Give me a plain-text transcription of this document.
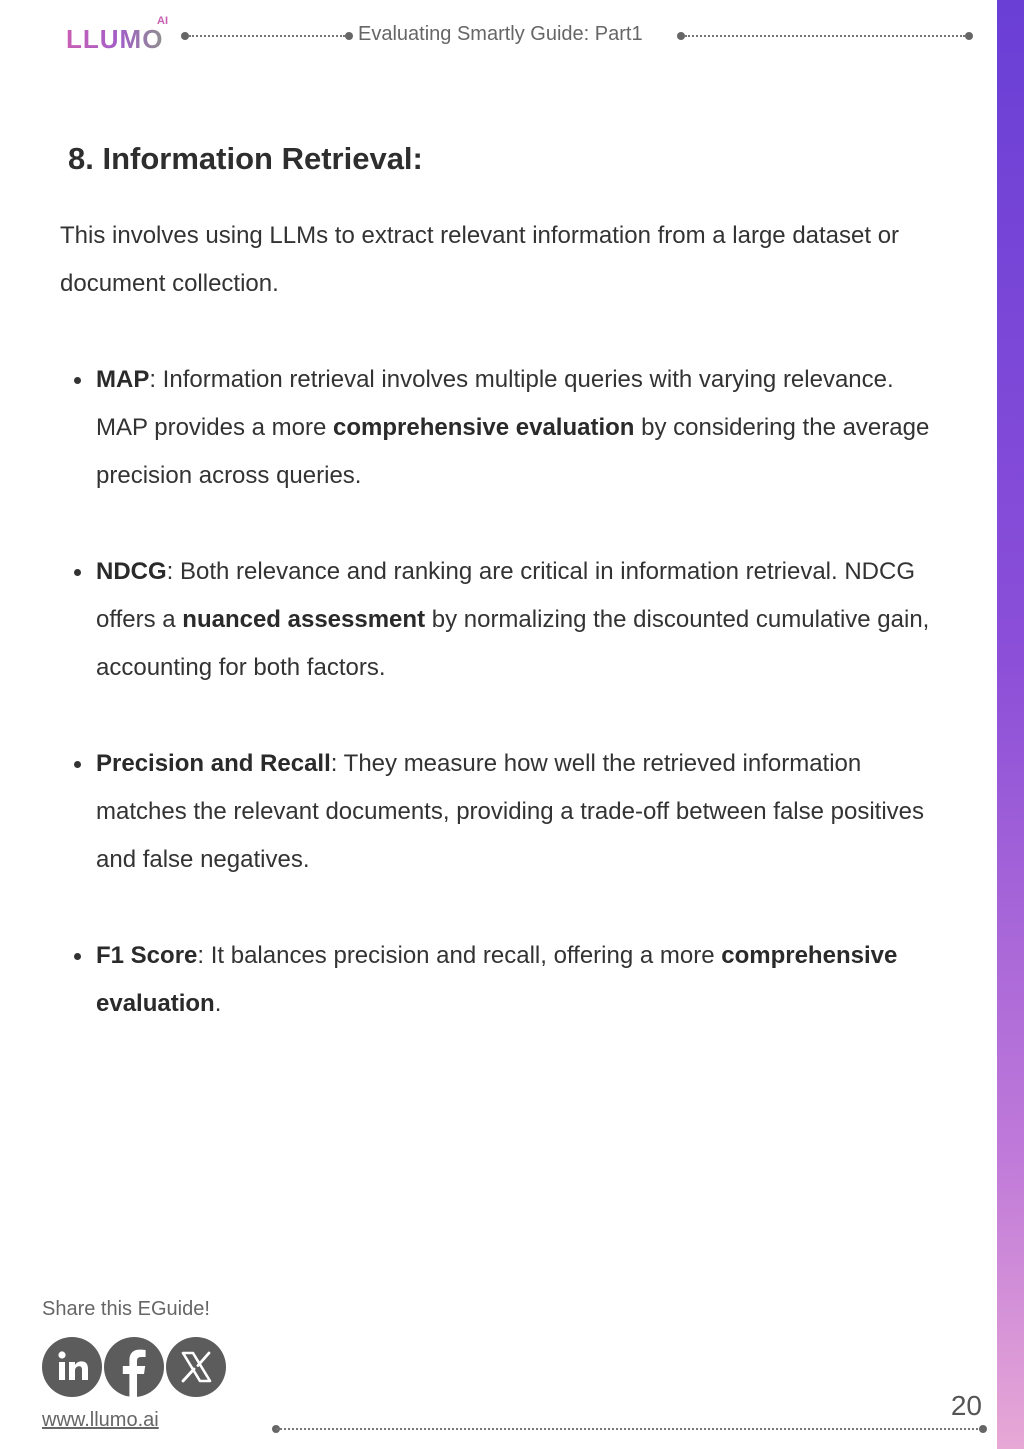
LLUMO
AI
Evaluating Smartly Guide: Part1
8. Information Retrieval:
This involves using LLMs to extract relevant information from a large dataset or document collection.
MAP: Information retrieval involves multiple queries with varying relevance. MAP provides a more comprehensive evaluation by considering the average precision across queries.
NDCG: Both relevance and ranking are critical in information retrieval. NDCG offers a nuanced assessment by normalizing the discounted cumulative gain, accounting for both factors.
Precision and Recall: They measure how well the retrieved information matches the relevant documents, providing a trade-off between false positives and false negatives.
F1 Score: It balances precision and recall, offering a more comprehensive evaluation.
Share this EGuide!
www.llumo.ai	20
